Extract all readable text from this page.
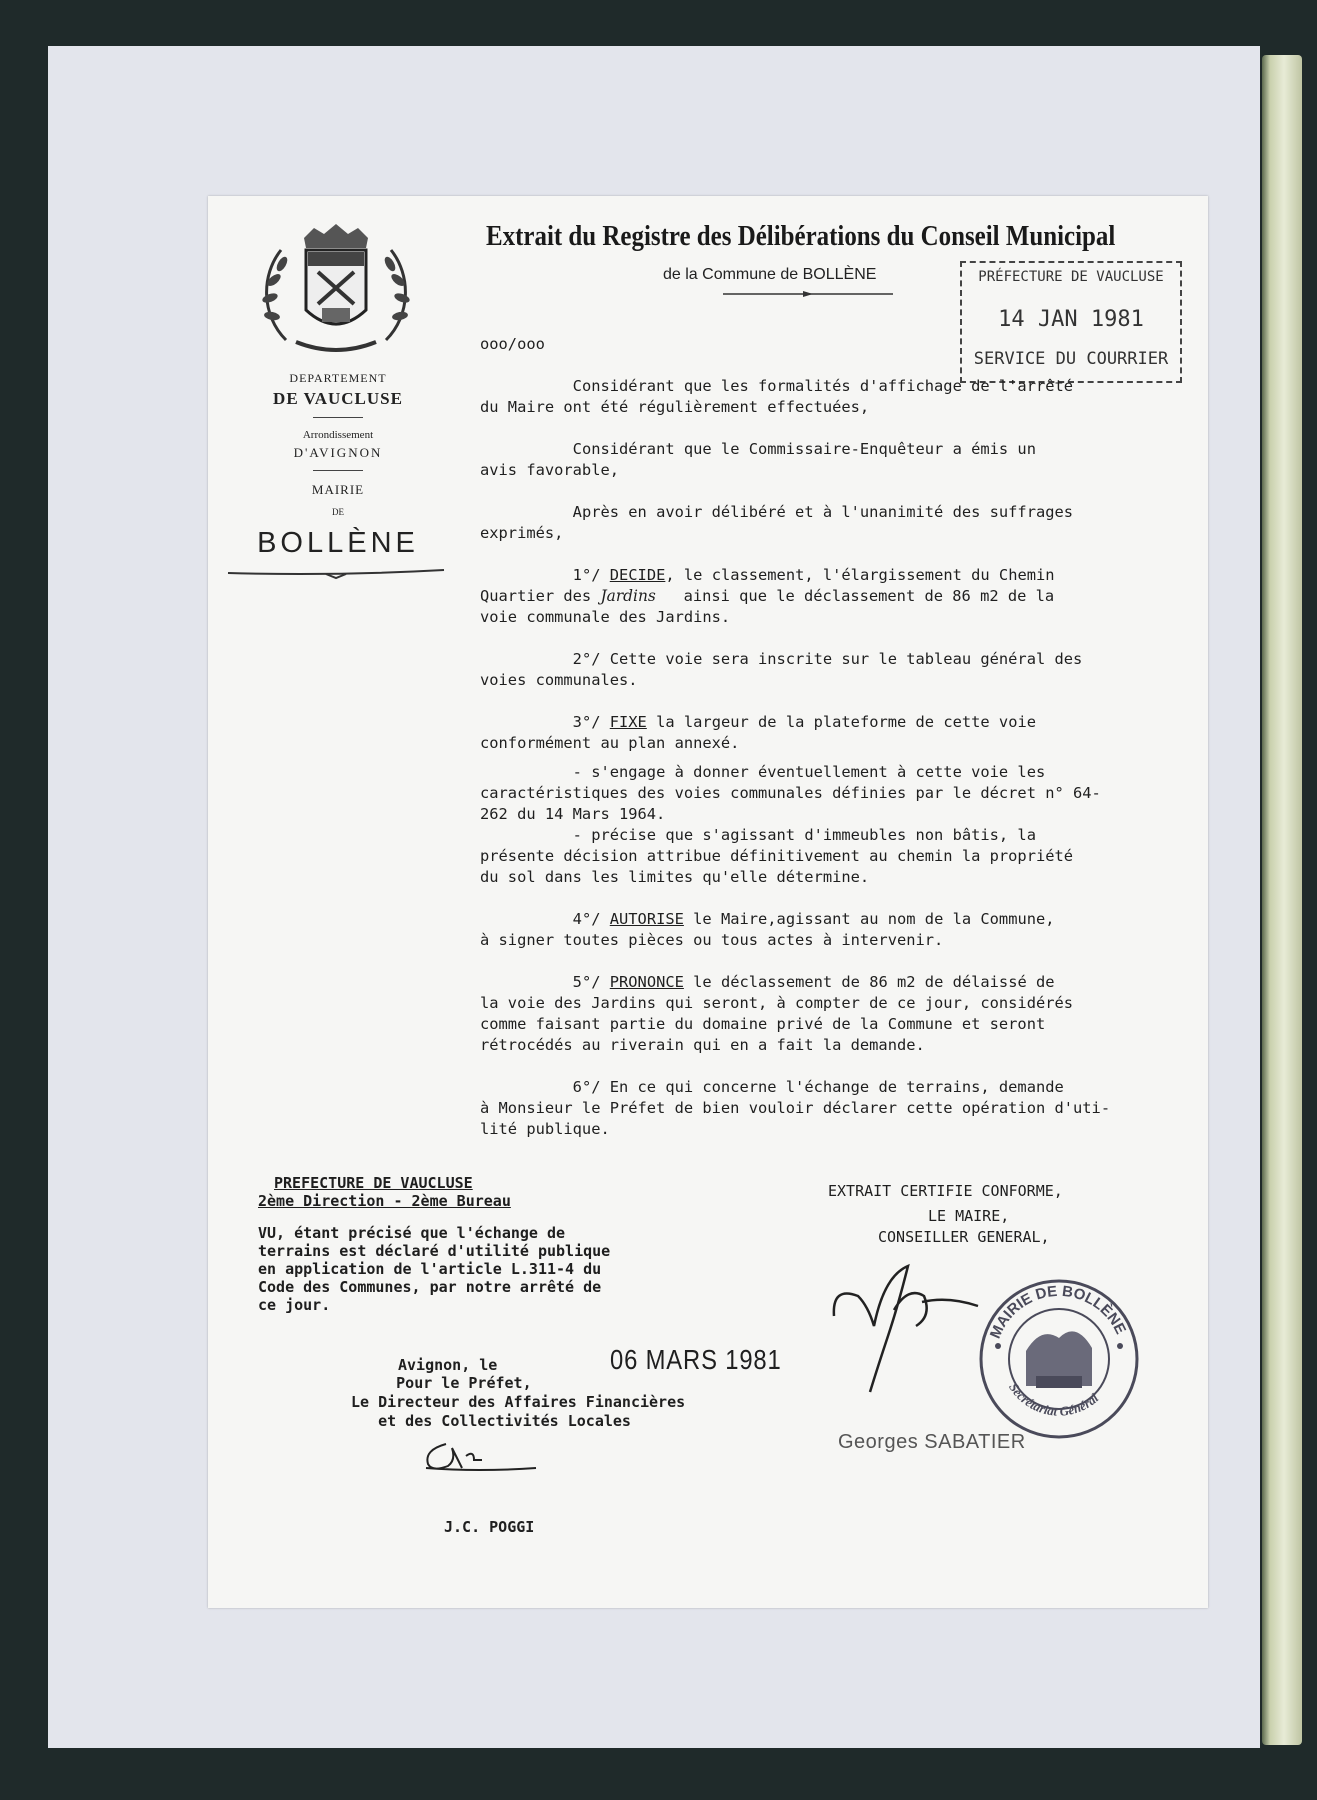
DEPARTEMENT
DE VAUCLUSE
Arrondissement
D'AVIGNON
MAIRIE
DE
BOLLÈNE
Extrait du Registre des Délibérations du Conseil Municipal
de la Commune de BOLLÈNE	PRÉFECTURE DE VAUCLUSE
14 JAN 1981
SERVICE DU COURRIER

ooo/ooo

Considérant que les formalités d'affichage de l'arrêté
du Maire ont été régulièrement effectuées,

Considérant que le Commissaire-Enquêteur a émis un
avis favorable,

Après en avoir délibéré et à l'unanimité des suffrages
exprimés,

1°/ DECIDE, le classement, l'élargissement du Chemin
Quartier des Jardins   ainsi que le déclassement de 86 m2 de la
voie communale des Jardins.

2°/ Cette voie sera inscrite sur le tableau général des
voies communales.

3°/ FIXE la largeur de la plateforme de cette voie
conformément au plan annexé.

- s'engage à donner éventuellement à cette voie les
caractéristiques des voies communales définies par le décret n° 64-
262 du 14 Mars 1964.

- précise que s'agissant d'immeubles non bâtis, la
présente décision attribue définitivement au chemin la propriété
du sol dans les limites qu'elle détermine.

4°/ AUTORISE le Maire,agissant au nom de la Commune,
à signer toutes pièces ou tous actes à intervenir.

5°/ PRONONCE le déclassement de 86 m2 de délaissé de
la voie des Jardins qui seront, à compter de ce jour, considérés
comme faisant partie du domaine privé de la Commune et seront
rétrocédés au riverain qui en a fait la demande.

6°/ En ce qui concerne l'échange de terrains, demande
à Monsieur le Préfet de bien vouloir déclarer cette opération d'uti-
lité publique.

PREFECTURE DE VAUCLUSE
2ème Direction - 2ème Bureau
VU, étant précisé que l'échange de
terrains est déclaré d'utilité publique
en application de l'article L.311-4 du
Code des Communes, par notre arrêté de
ce jour.
Avignon, le	06 MARS 1981
Pour le Préfet,
Le Directeur des Affaires Financières
et des Collectivités Locales
J.C. POGGI
EXTRAIT CERTIFIE CONFORME,
LE MAIRE,
CONSEILLER GENERAL,
MAIRIE DE BOLLÈNE
Secrétariat Général
Georges SABATIER
